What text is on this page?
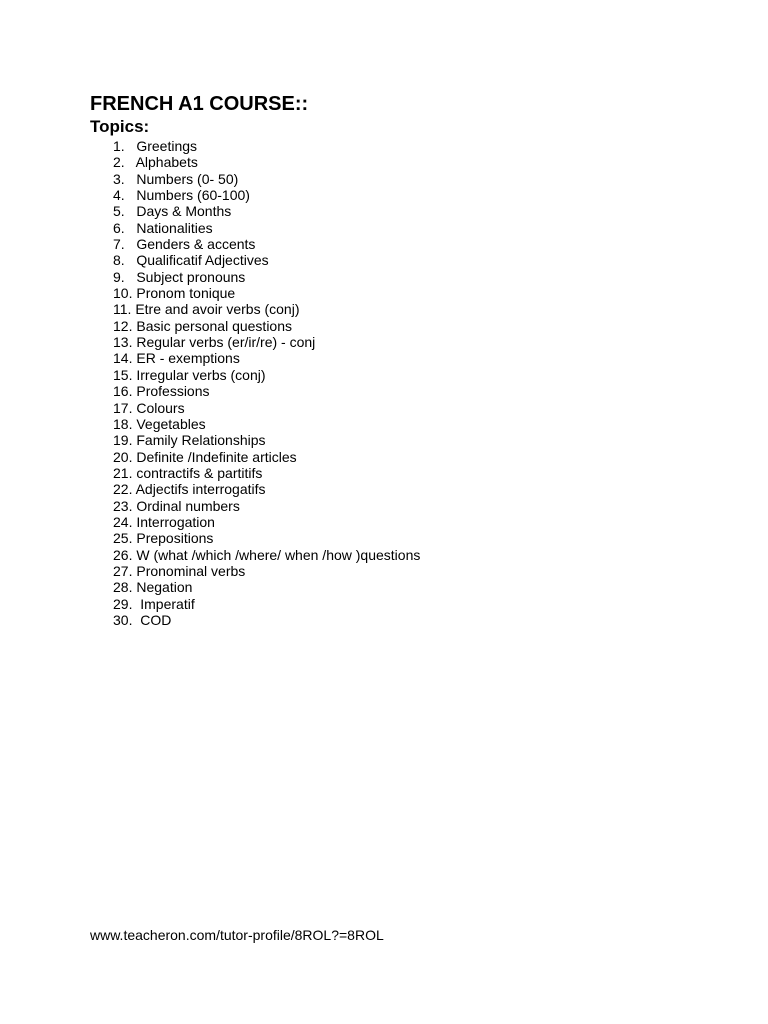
FRENCH A1 COURSE::
Topics:
1.   Greetings
2.   Alphabets
3.   Numbers (0- 50)
4.   Numbers (60-100)
5.   Days & Months
6.   Nationalities
7.   Genders & accents
8.   Qualificatif Adjectives
9.   Subject pronouns
10. Pronom tonique
11. Etre and avoir verbs (conj)
12. Basic personal questions
13. Regular verbs (er/ir/re) - conj
14. ER - exemptions
15. Irregular verbs (conj)
16. Professions
17. Colours
18. Vegetables
19. Family Relationships
20. Definite /Indefinite articles
21. contractifs & partitifs
22. Adjectifs interrogatifs
23. Ordinal numbers
24. Interrogation
25. Prepositions
26. W (what /which /where/ when /how )questions
27. Pronominal verbs
28. Negation
29.  Imperatif
30.  COD
www.teacheron.com/tutor-profile/8ROL?=8ROL
